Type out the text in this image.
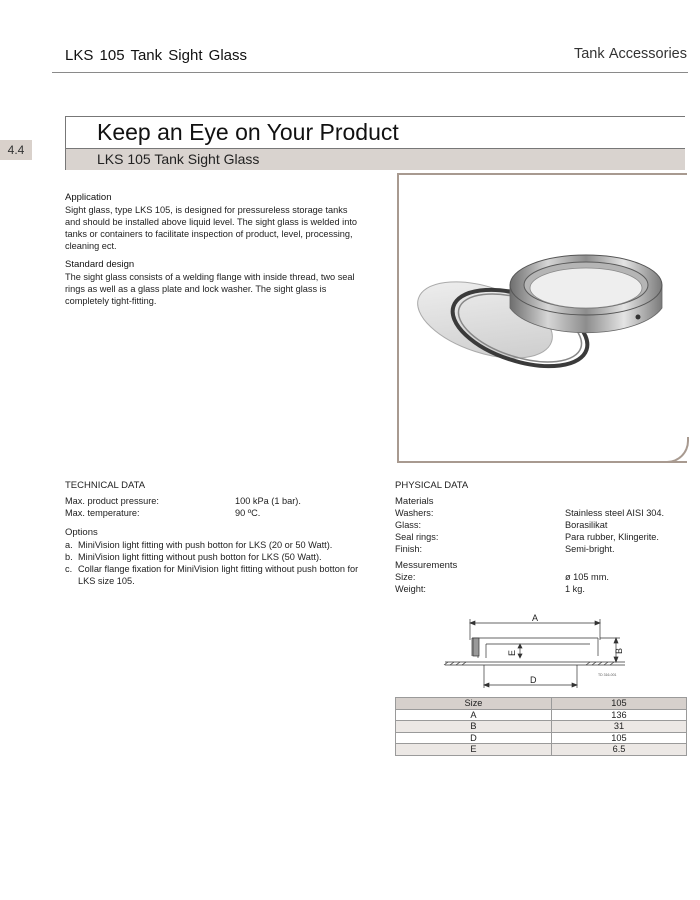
LKS 105 Tank Sight Glass	Tank Accessories
4.4
Keep an Eye on Your Product
LKS 105 Tank Sight Glass
Application
Sight glass, type LKS 105, is designed for pressureless storage tanks and should be installed above liquid level. The sight glass is welded into tanks or containers to facilitate inspection of product, level, processing, cleaning ect.
Standard design
The sight glass consists of a welding flange with inside thread, two seal rings as well as a glass plate and lock washer. The sight glass is completely tight-fitting.
TECHNICAL DATA
Max. product pressure:	100 kPa (1 bar).
Max. temperature:	90 ºC.
Options
a. MiniVision light fitting with push botton for LKS (20 or 50 Watt).
b. MiniVision light fitting without push botton for LKS (50 Watt).
c. Collar flange fixation for MiniVision light fitting without push botton for LKS size 105.
PHYSICAL DATA
Materials
Washers:	Stainless steel AISI 304.
Glass:	Borasilikat
Seal rings:	Para rubber, Klingerite.
Finish:	Semi-bright.
Messurements
Size:	ø 105 mm.
Weight:	1 kg.
A
B
E
D	TD 316-001
Size	105
A	136
B	31
D	105
E	6.5
